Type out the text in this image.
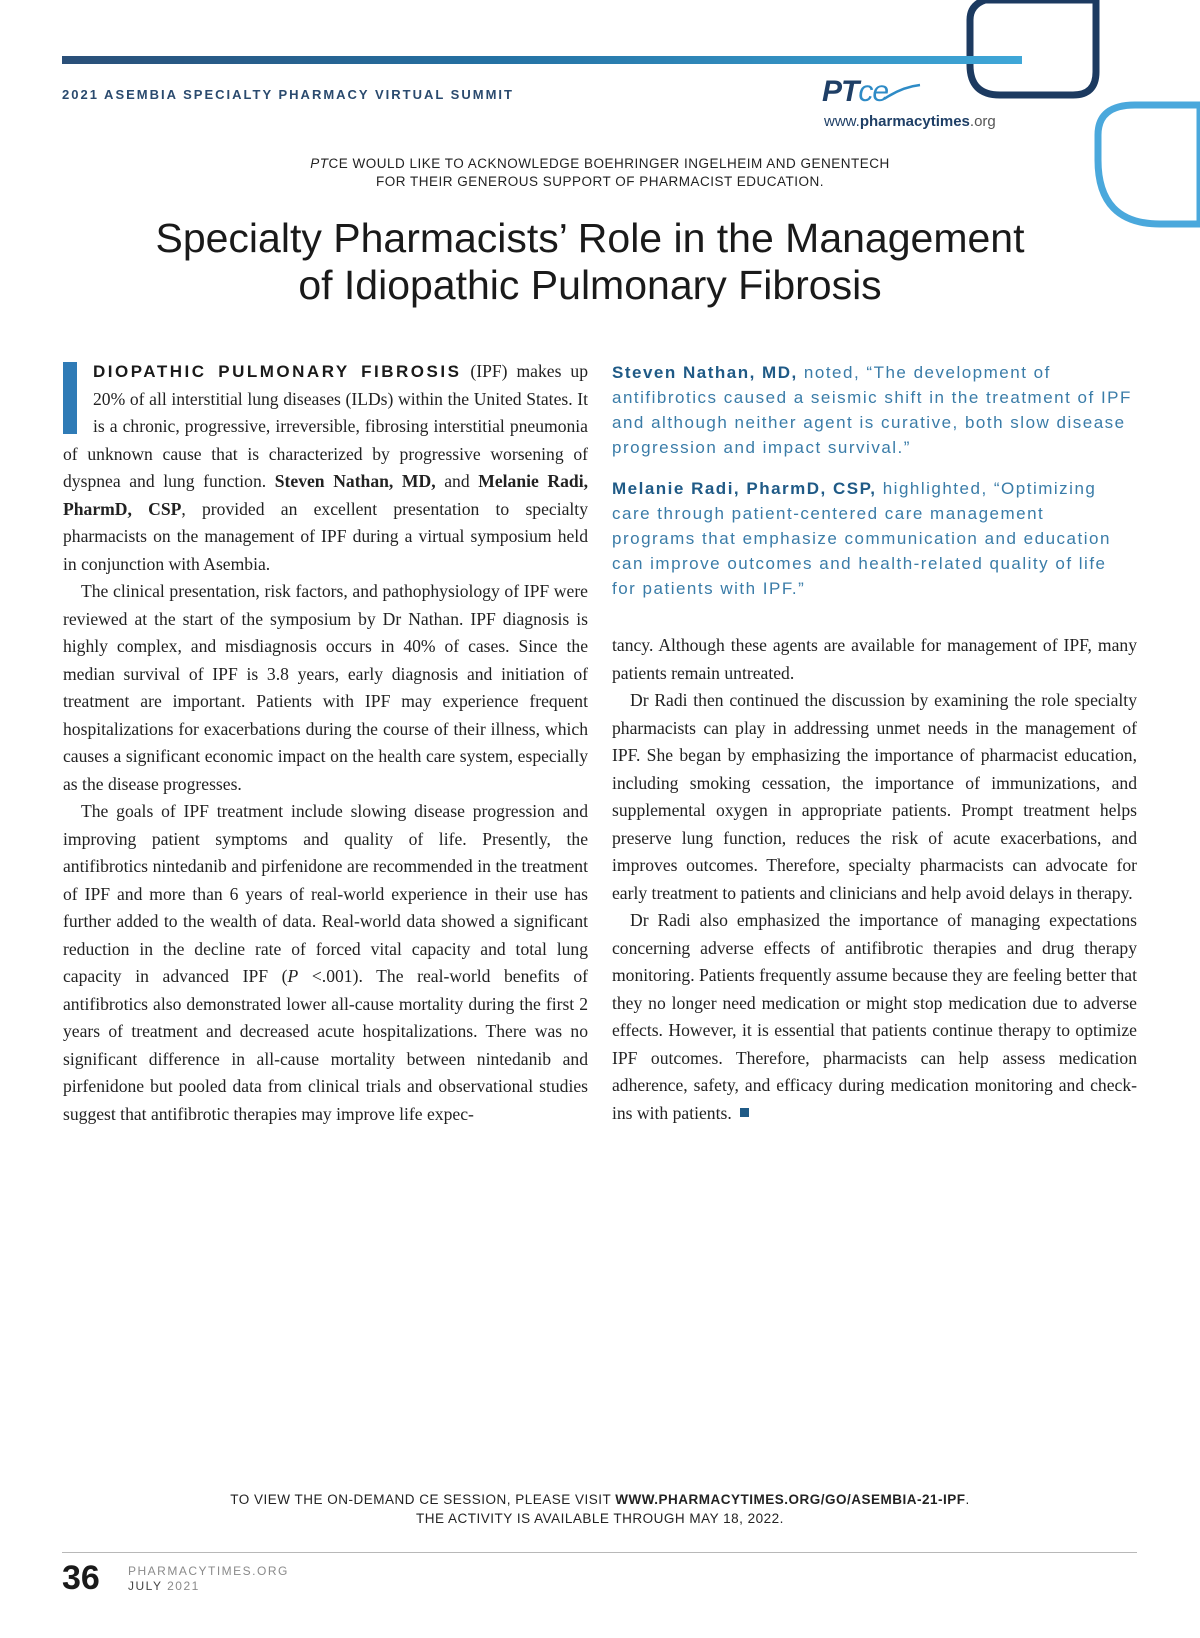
2021 ASEMBIA SPECIALTY PHARMACY VIRTUAL SUMMIT	PTce
www.pharmacytimes.org
PTCE WOULD LIKE TO ACKNOWLEDGE BOEHRINGER INGELHEIM AND GENENTECH
FOR THEIR GENEROUS SUPPORT OF PHARMACIST EDUCATION.
Specialty Pharmacists’ Role in the Management
of Idiopathic Pulmonary Fibrosis

DIOPATHIC PULMONARY FIBROSIS (IPF) makes up 20% of all interstitial lung diseases (ILDs) within the United States. It is a chronic, progressive, irreversible, fibrosing interstitial pneumonia of unknown cause that is characterized by progressive worsening of dyspnea and lung function. Steven Nathan, MD, and Melanie Radi, PharmD, CSP, provided an excellent presentation to specialty pharmacists on the management of IPF during a virtual symposium held in conjunction with Asembia.

The clinical presentation, risk factors, and pathophysiology of IPF were reviewed at the start of the symposium by Dr Nathan. IPF diagnosis is highly complex, and misdiagnosis occurs in 40% of cases. Since the median survival of IPF is 3.8 years, early diagnosis and initiation of treatment are important. Patients with IPF may experience frequent hospitalizations for exacerbations during the course of their illness, which causes a significant economic impact on the health care system, especially as the disease progresses.

The goals of IPF treatment include slowing disease progression and improving patient symptoms and quality of life. Presently, the antifibrotics nintedanib and pirfenidone are recommended in the treatment of IPF and more than 6 years of real-world experience in their use has further added to the wealth of data. Real-world data showed a significant reduction in the decline rate of forced vital capacity and total lung capacity in advanced IPF (P <.001). The real-world benefits of antifibrotics also demonstrated lower all-cause mortality during the first 2 years of treatment and decreased acute hospitalizations. There was no significant difference in all-cause mortality between nintedanib and pirfenidone but pooled data from clinical trials and observational studies suggest that antifibrotic therapies may improve life expec-

Steven Nathan, MD, noted, “The development of antifibrotics caused a seismic shift in the treatment of IPF and although neither agent is curative, both slow disease progression and impact survival.”

Melanie Radi, PharmD, CSP, highlighted, “Optimizing care through patient-centered care management programs that emphasize communication and education can improve outcomes and health-related quality of life for patients with IPF.”

tancy. Although these agents are available for management of IPF, many patients remain untreated.

Dr Radi then continued the discussion by examining the role specialty pharmacists can play in addressing unmet needs in the management of IPF. She began by emphasizing the importance of pharmacist education, including smoking cessation, the importance of immunizations, and supplemental oxygen in appropriate patients. Prompt treatment helps preserve lung function, reduces the risk of acute exacerbations, and improves outcomes. Therefore, specialty pharmacists can advocate for early treatment to patients and clinicians and help avoid delays in therapy.

Dr Radi also emphasized the importance of managing expectations concerning adverse effects of antifibrotic therapies and drug therapy monitoring. Patients frequently assume because they are feeling better that they no longer need medication or might stop medication due to adverse effects. However, it is essential that patients continue therapy to optimize IPF outcomes. Therefore, pharmacists can help assess medication adherence, safety, and efficacy during medication monitoring and check-ins with patients.

TO VIEW THE ON-DEMAND CE SESSION, PLEASE VISIT WWW.PHARMACYTIMES.ORG/GO/ASEMBIA-21-IPF.
THE ACTIVITY IS AVAILABLE THROUGH MAY 18, 2022.
36 PHARMACYTIMES.ORG
JULY 2021
